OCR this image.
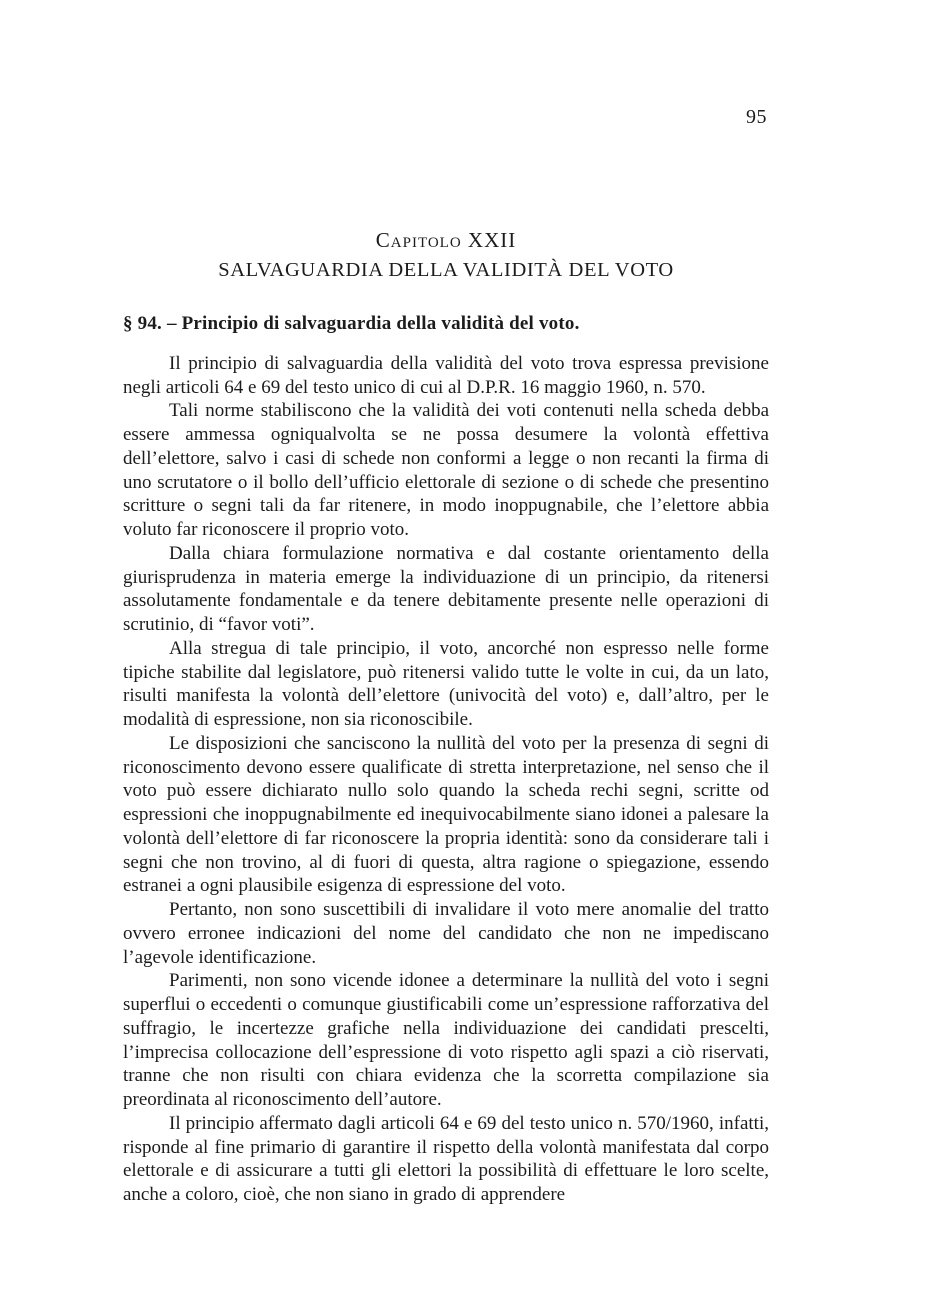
95
Capitolo XXII
SALVAGUARDIA DELLA VALIDITÀ DEL VOTO
§ 94. – Principio di salvaguardia della validità del voto.

Il principio di salvaguardia della validità del voto trova espressa previsione negli articoli 64 e 69 del testo unico di cui al D.P.R. 16 maggio 1960, n. 570.

Tali norme stabiliscono che la validità dei voti contenuti nella scheda debba essere ammessa ogniqualvolta se ne possa desumere la volontà effettiva dell’elettore, salvo i casi di schede non conformi a legge o non recanti la firma di uno scrutatore o il bollo dell’ufficio elettorale di sezione o di schede che presentino scritture o segni tali da far ritenere, in modo inoppugnabile, che l’elettore abbia voluto far riconoscere il proprio voto.

Dalla chiara formulazione normativa e dal costante orientamento della giurisprudenza in materia emerge la individuazione di un principio, da ritenersi assolutamente fondamentale e da tenere debitamente presente nelle operazioni di scrutinio, di “favor voti”.

Alla stregua di tale principio, il voto, ancorché non espresso nelle forme tipiche stabilite dal legislatore, può ritenersi valido tutte le volte in cui, da un lato, risulti manifesta la volontà dell’elettore (univocità del voto) e, dall’altro, per le modalità di espressione, non sia riconoscibile.

Le disposizioni che sanciscono la nullità del voto per la presenza di segni di riconoscimento devono essere qualificate di stretta interpretazione, nel senso che il voto può essere dichiarato nullo solo quando la scheda rechi segni, scritte od espressioni che inoppugnabilmente ed inequivocabilmente siano idonei a palesare la volontà dell’elettore di far riconoscere la propria identità: sono da considerare tali i segni che non trovino, al di fuori di questa, altra ragione o spiegazione, essendo estranei a ogni plausibile esigenza di espressione del voto.

Pertanto, non sono suscettibili di invalidare il voto mere anomalie del tratto ovvero erronee indicazioni del nome del candidato che non ne impediscano l’agevole identificazione.

Parimenti, non sono vicende idonee a determinare la nullità del voto i segni superflui o eccedenti o comunque giustificabili come un’espressione rafforzativa del suffragio, le incertezze grafiche nella individuazione dei candidati prescelti, l’imprecisa collocazione dell’espressione di voto rispetto agli spazi a ciò riservati, tranne che non risulti con chiara evidenza che la scorretta compilazione sia preordinata al riconoscimento dell’autore.

Il principio affermato dagli articoli 64 e 69 del testo unico n. 570/1960, infatti, risponde al fine primario di garantire il rispetto della volontà manifestata dal corpo elettorale e di assicurare a tutti gli elettori la possibilità di effettuare le loro scelte, anche a coloro, cioè, che non siano in grado di apprendere
